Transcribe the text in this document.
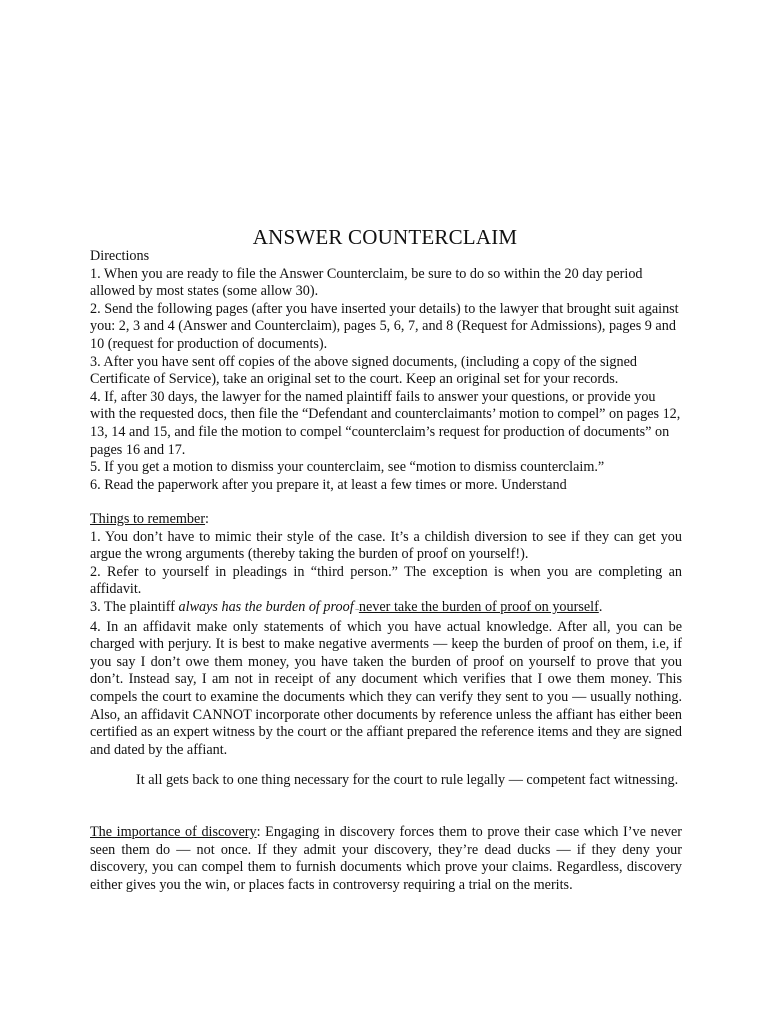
ANSWER COUNTERCLAIM

Directions

1. When you are ready to file the Answer Counterclaim, be sure to do so within the 20 day period allowed by most states (some allow 30).

2. Send the following pages (after you have inserted your details) to the lawyer that brought suit against you: 2, 3 and 4 (Answer and Counterclaim), pages 5, 6, 7, and 8 (Request for Admissions), pages 9 and 10 (request for production of documents).

3. After you have sent off copies of the above signed documents, (including a copy of the signed Certificate of Service), take an original set to the court. Keep an original set for your records.

4. If, after 30 days, the lawyer for the named plaintiff fails to answer your questions, or provide you with the requested docs, then file the “Defendant and counterclaimants’ motion to compel” on pages 12, 13, 14 and 15, and file the motion to compel “counterclaim’s request for production of documents” on pages 16 and 17.

5. If you get a motion to dismiss your counterclaim, see “motion to dismiss counterclaim.”

6. Read the paperwork after you prepare it, at least a few times or more. Understand

Things to remember:

1. You don’t have to mimic their style of the case. It’s a childish diversion to see if they can get you argue the wrong arguments (thereby taking the burden of proof on yourself!).

2. Refer to yourself in pleadings in “third person.” The exception is when you are completing an affidavit.

3. The plaintiff always has the burden of proof –never take the burden of proof on yourself.

4. In an affidavit make only statements of which you have actual knowledge. After all, you can be charged with perjury. It is best to make negative averments — keep the burden of proof on them, i.e, if you say I don’t owe them money, you have taken the burden of proof on yourself to prove that you don’t. Instead say, I am not in receipt of any document which verifies that I owe them money. This compels the court to examine the documents which they can verify they sent to you — usually nothing. Also, an affidavit CANNOT incorporate other documents by reference unless the affiant has either been certified as an expert witness by the court or the affiant prepared the reference items and they are signed and dated by the affiant.

It all gets back to one thing necessary for the court to rule legally — competent fact witnessing.

The importance of discovery: Engaging in discovery forces them to prove their case which I’ve never seen them do — not once. If they admit your discovery, they’re dead ducks — if they deny your discovery, you can compel them to furnish documents which prove your claims. Regardless, discovery either gives you the win, or places facts in controversy requiring a trial on the merits.
